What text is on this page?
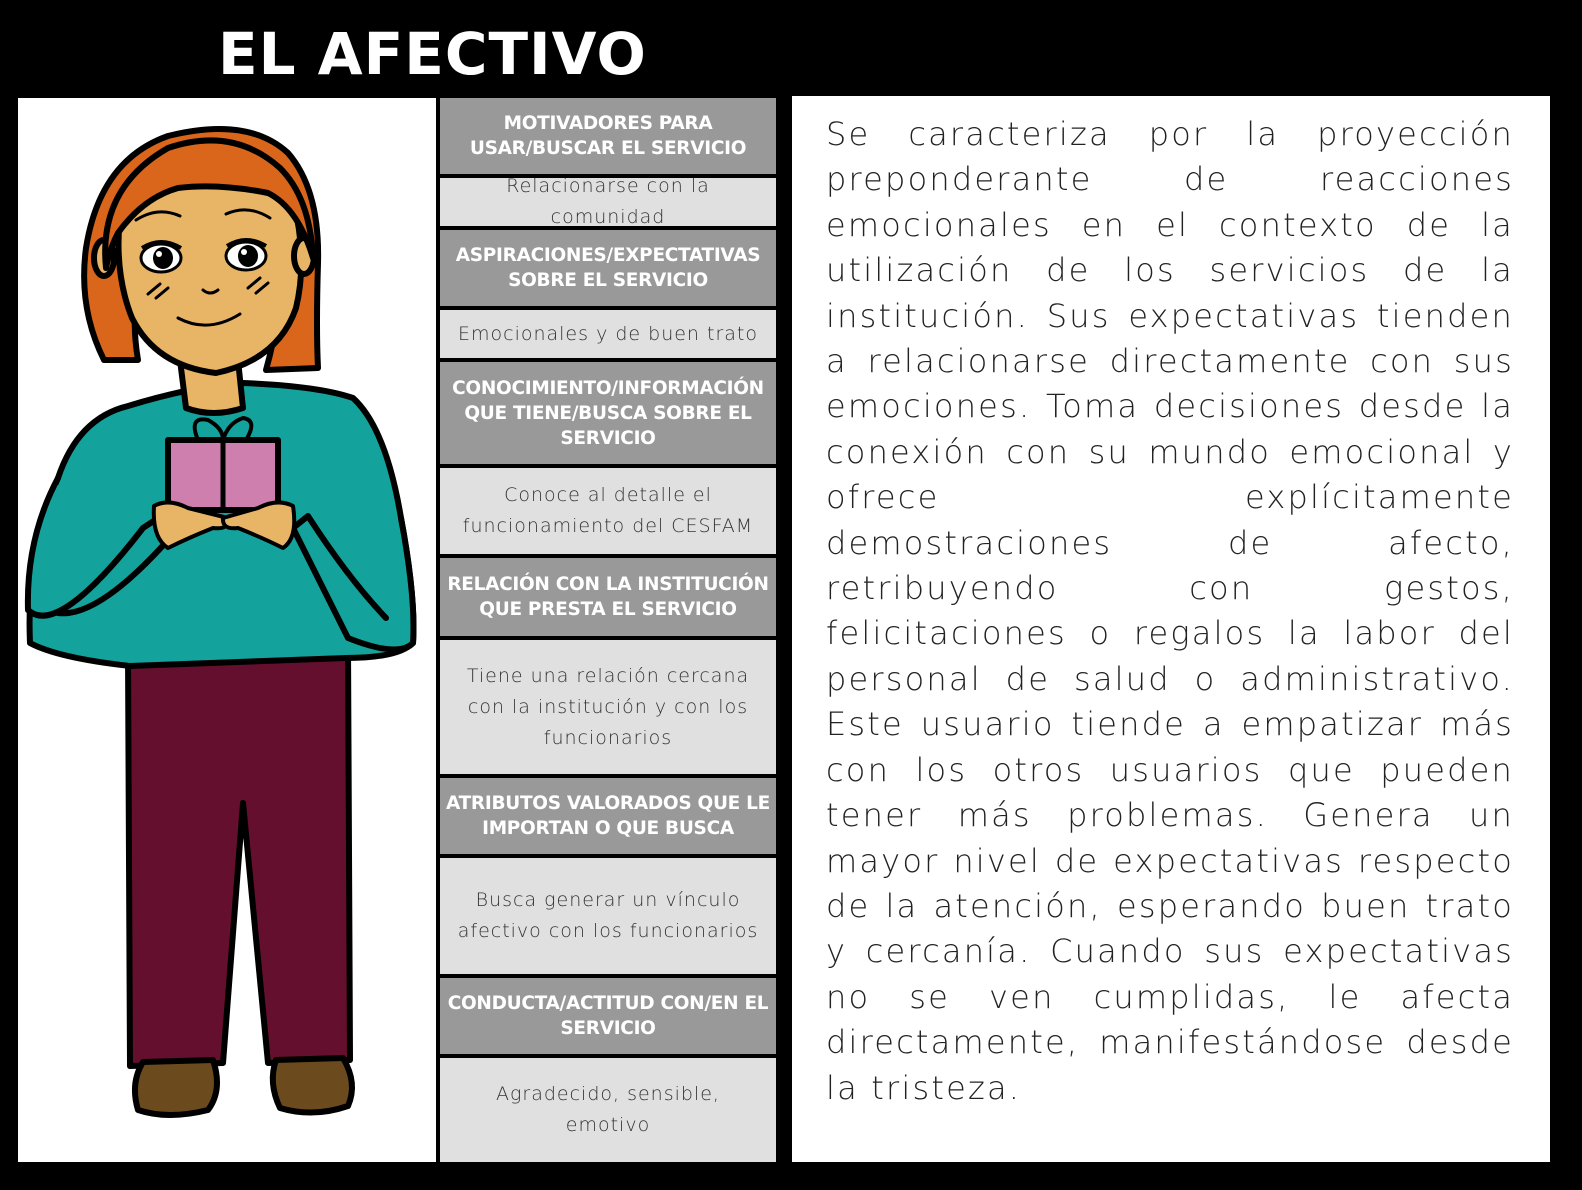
EL AFECTIVO
MOTIVADORES PARA USAR/BUSCAR EL SERVICIO
Relacionarse con la comunidad
ASPIRACIONES/EXPECTATIVAS SOBRE EL SERVICIO
Emocionales y de buen trato
CONOCIMIENTO/INFORMACIÓN QUE TIENE/BUSCA SOBRE EL SERVICIO
Conoce al detalle el funcionamiento del CESFAM
RELACIÓN CON LA INSTITUCIÓN QUE PRESTA EL SERVICIO
Tiene una relación cercana con la institución y con los funcionarios
ATRIBUTOS VALORADOS QUE LE IMPORTAN O QUE BUSCA
Busca generar un vínculo afectivo con los funcionarios
CONDUCTA/ACTITUD CON/EN EL SERVICIO
Agradecido, sensible, emotivo

Se caracteriza por la proyección preponderante de reacciones emocionales en el contexto de la utilización de los servicios de la institución. Sus expectativas tienden a relacionarse directamente con sus emociones. Toma decisiones desde la conexión con su mundo emocional y ofrece explícitamente demostraciones de afecto, retribuyendo con gestos, felicitaciones o regalos la labor del personal de salud o administrativo. Este usuario tiende a empatizar más con los otros usuarios que pueden tener más problemas. Genera un mayor nivel de expectativas respecto de la atención, esperando buen trato y cercanía. Cuando sus expectativas no se ven cumplidas, le afecta directamente, manifestándose desde la tristeza.
